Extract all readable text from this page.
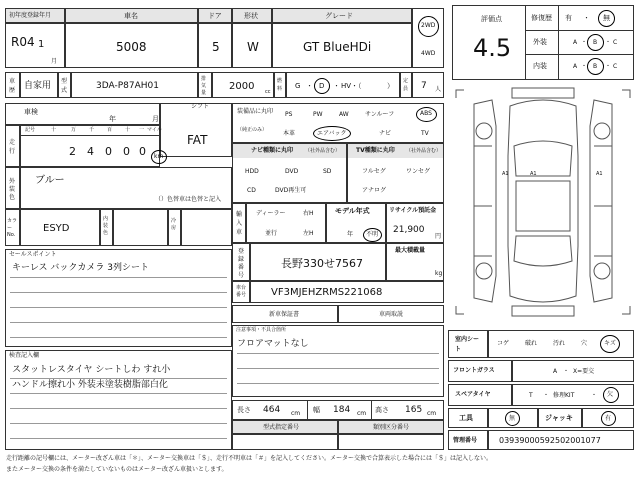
初年度登録年月	車名	ドア	形状	グレード
2WD
4WD
R04 1
月
5008	5 W	GT BlueHDi
車歴 自家用 型式	3DA-P87AH01
排気量
2000 cc
燃料 G ・ D ・ HV・（	）
定員 7 人
評価点
4.5
修復歴 有 ・ 無
外装	A ・ B ・ C
内装	A ・ B ・ C
車検
年	月
シフト
FAT
走行
記号	十	万	千	百	十 一 マイル
2 4 0 0 0 km
外装色
ブルー
（ ）色替車は色替と記入
カラーNo.
ESYD
内装色
冷房
セールスポイント
キーレス バックカメラ 3列シート
検査記入欄
スタットレスタイヤ シートしわ すれ小
ハンドル擦れ小 外装未塗装樹脂部白化
装備品に丸印
（純正のみ）
PS	PW	AW	サンルーフ	ABS
本革	エアバック	ナビ	TV
ナビ種類に丸印 （社外品含む）
HDD	DVD	SD
CD	DVD再生可
TV種類に丸印 （社外品含む）
フルセグ	ワンセグ
アナログ
輸入車
ディーラー	右H
並行	左H
モデル年式
年 不明
リサイクル預託金
21,900
円
登録番号
長野330せ7567
最大積載量
kg
車台番号 VF3MJEHZRMS221068
新車保証書	車両取説
注意事項・不具合箇所
フロアマットなし
長さ 464 cm 幅 184 cm 高さ 165 cm
型式指定番号	類別区分番号
A1	A1	A1
室内シート
コゲ	破れ	汚れ	穴	キズ
フロントガラス	A ・ X=要交
スペアタイヤ	T ・ 修理KIT	・ 欠
工具	無	ジャッキ	有
管理番号	03939000592502001077
走行距離の記号欄には、メーター改ざん車は「＊」、メーター交換車は「＄」、走行不明車は「＃」を記入してください。メーター交換で合算表示した場合には「＄」は記入しない。
またメーター交換の条件を満たしていないものはメーター改ざん車扱いとします。
